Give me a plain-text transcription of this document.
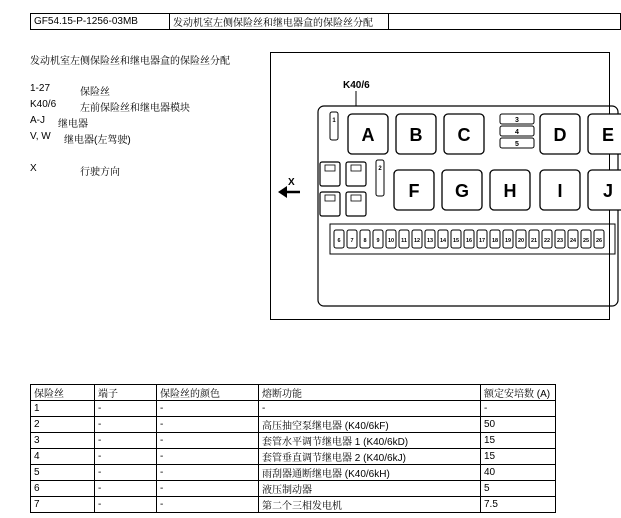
GF54.15-P-1256-03MB	发动机室左侧保险丝和继电器盒的保险丝分配	
发动机室左侧保险丝和继电器盒的保险丝分配
1-27	保险丝
K40/6 左前保险丝和继电器模块
A-J 继电器
V, W 继电器(左驾驶)
X	行驶方向
K40/6
A B C	D E
F G H I J
3
4
5
1
2
6 7 8 9 10 11 12 13 14 15 16 17 18 19 20 21 22 23 24 25 26
X
保险丝	端子	保险丝的颜色	熔断功能	额定安培数 (A)
1	-	-	-	-
2	-	-	高压抽空泵继电器 (K40/6kF)	50
3	-	-	套管水平调节继电器 1 (K40/6kD)	15
4	-	-	套管垂直调节继电器 2 (K40/6kJ)	15
5	-	-	雨刮器通断继电器 (K40/6kH)	40
6	-	-	液压制动器	5
7	-	-	第二个三相发电机	7.5
